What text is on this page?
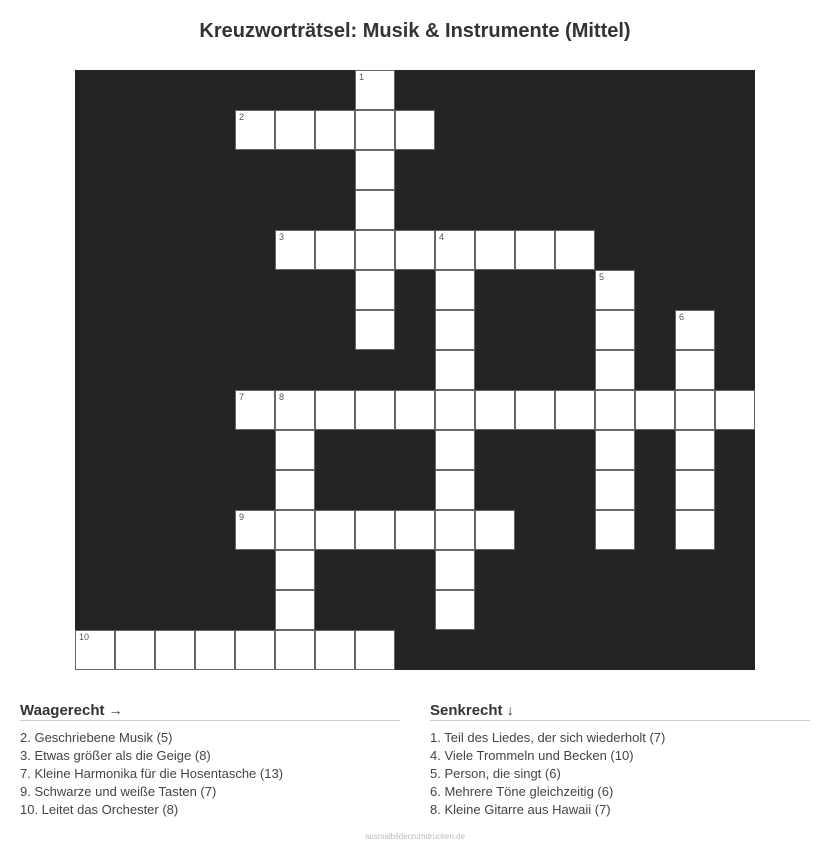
Kreuzworträtsel: Musik & Instrumente (Mittel)
1
2
3	4
5
6
7	8
9
10
Waagerecht →
2. Geschriebene Musik (5)
3. Etwas größer als die Geige (8)
7. Kleine Harmonika für die Hosentasche (13)
9. Schwarze und weiße Tasten (7)
10. Leitet das Orchester (8)
Senkrecht ↓
1. Teil des Liedes, der sich wiederholt (7)
4. Viele Trommeln und Becken (10)
5. Person, die singt (6)
6. Mehrere Töne gleichzeitig (6)
8. Kleine Gitarre aus Hawaii (7)
ausmalbilderzumdrucken.de
